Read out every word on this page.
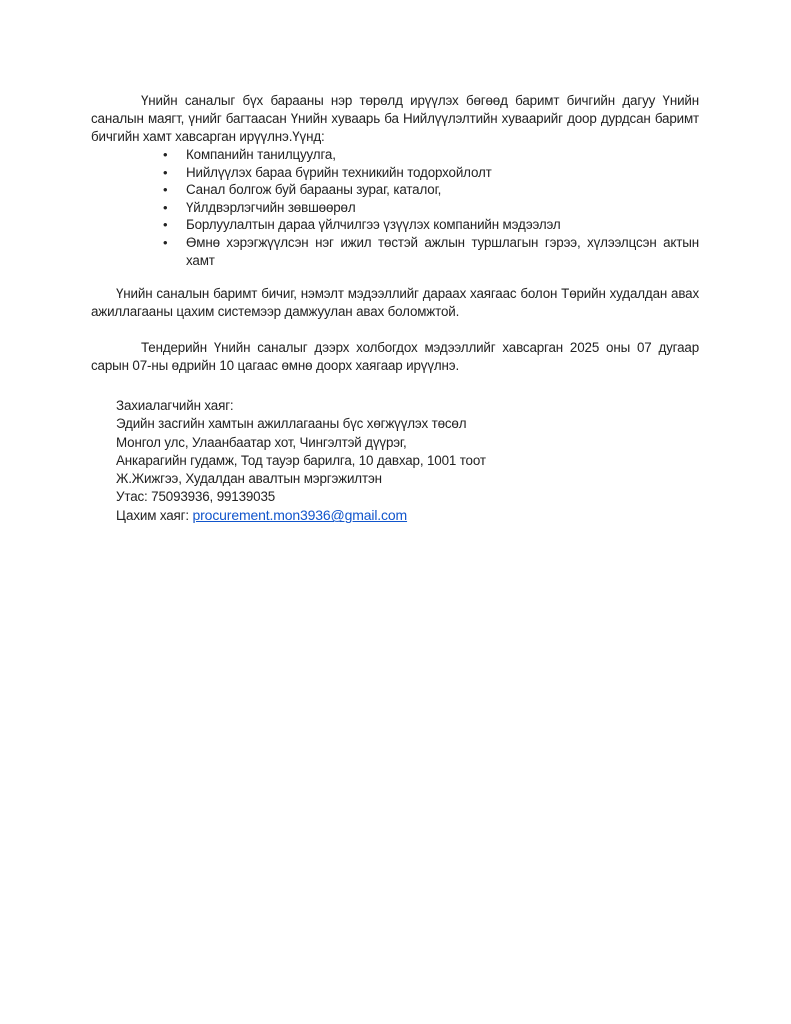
Үнийн саналыг бүх барааны нэр төрөлд ирүүлэх бөгөөд баримт бичгийн дагуу Үнийн саналын маягт, үнийг багтаасан Үнийн хуваарь ба Нийлүүлэлтийн хуваарийг доор дурдсан баримт бичгийн хамт хавсарган ирүүлнэ.Үүнд:

• Компанийн танилцуулга,
• Нийлүүлэх бараа бүрийн техникийн тодорхойлолт
• Санал болгож буй барааны зураг, каталог,
• Үйлдвэрлэгчийн зөвшөөрөл
• Борлуулалтын дараа үйлчилгээ үзүүлэх компанийн мэдээлэл
• Өмнө хэрэгжүүлсэн нэг ижил төстэй ажлын туршлагын гэрээ, хүлээлцсэн актын хамт

Үнийн саналын баримт бичиг, нэмэлт мэдээллийг дараах хаягаас болон Төрийн худалдан авах ажиллагааны цахим системээр дамжуулан авах боломжтой.

Тендерийн Үнийн саналыг дээрх холбогдох мэдээллийг хавсарган 2025 оны 07 дугаар сарын 07-ны өдрийн 10 цагаас өмнө доорх хаягаар ирүүлнэ.

Захиалагчийн хаяг:
Эдийн засгийн хамтын ажиллагааны бүс хөгжүүлэх төсөл
Монгол улс, Улаанбаатар хот, Чингэлтэй дүүрэг,
Анкарагийн гудамж, Тод тауэр барилга, 10 давхар, 1001 тоот
Ж.Жижгээ, Худалдан авалтын мэргэжилтэн
Утас: 75093936, 99139035
Цахим хаяг: procurement.mon3936@gmail.com
